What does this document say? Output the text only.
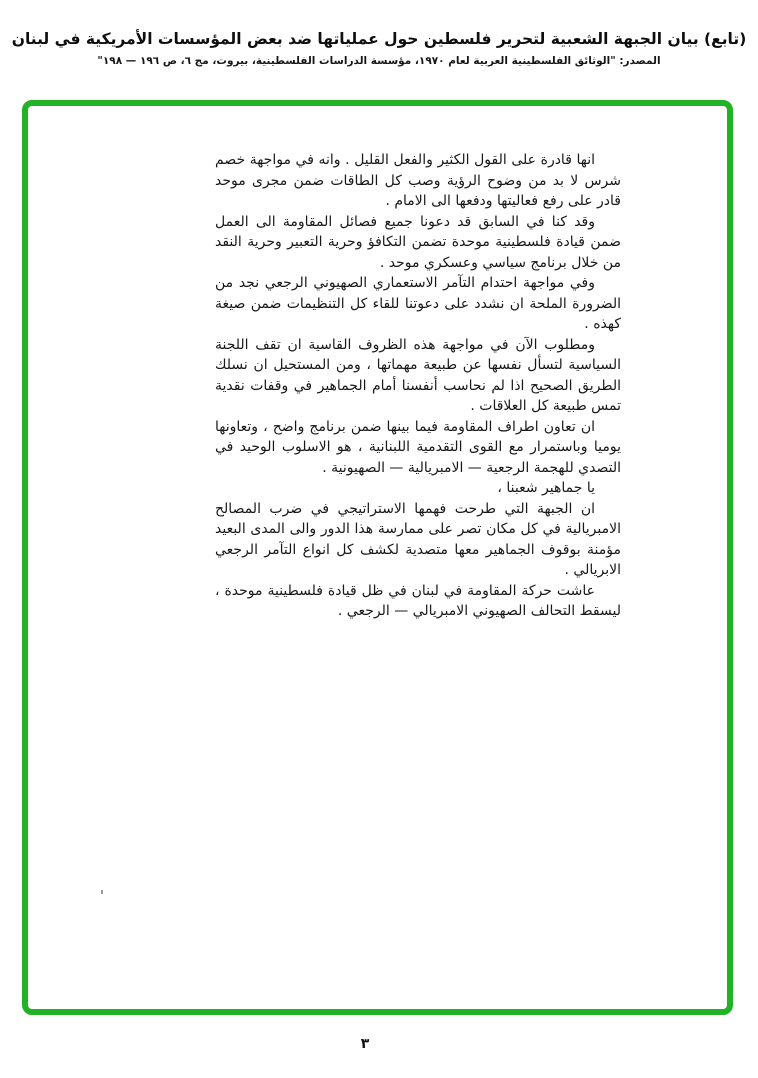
(تابع) بيان الجبهة الشعبية لتحرير فلسطين حول عملياتها ضد بعض المؤسسات الأمريكية في لبنان
المصدر: "الوثائق الفلسطينية العربية لعام ١٩٧٠، مؤسسة الدراسات الفلسطينية، بيروت، مج ٦، ص ١٩٦ — ١٩٨"

انها قادرة على القول الكثير والفعل القليل . وانه في مواجهة خصم شرس لا بد من وضوح الرؤية وصب كل الطاقات ضمن مجرى موحد قادر على رفع فعاليتها ودفعها الى الامام .

وقد كنا في السابق قد دعونا جميع فصائل المقاومة الى العمل ضمن قيادة فلسطينية موحدة تضمن التكافؤ وحرية التعبير وحرية النقد من خلال برنامج سياسي وعسكري موحد .

وفي مواجهة احتدام التآمر الاستعماري الصهيوني الرجعي نجد من الضرورة الملحة ان نشدد على دعوتنا للقاء كل التنظيمات ضمن صيغة كهذه .

ومطلوب الآن في مواجهة هذه الظروف القاسية ان تقف اللجنة السياسية لتسأل نفسها عن طبيعة مهماتها ، ومن المستحيل ان نسلك الطريق الصحيح اذا لم نحاسب أنفسنا أمام الجماهير في وقفات نقدية تمس طبيعة كل العلاقات .

ان تعاون اطراف المقاومة فيما بينها ضمن برنامج واضح ، وتعاونها يوميا وباستمرار مع القوى التقدمية اللبنانية ، هو الاسلوب الوحيد في التصدي للهجمة الرجعية — الامبريالية — الصهيونية .

يا جماهير شعبنا ،

ان الجبهة التي طرحت فهمها الاستراتيجي في ضرب المصالح الامبريالية في كل مكان تصر على ممارسة هذا الدور والى المدى البعيد مؤمنة بوقوف الجماهير معها متصدية لكشف كل انواع التآمر الرجعي الابريالي .

عاشت حركة المقاومة في لبنان في ظل قيادة فلسطينية موحدة ، ليسقط التحالف الصهيوني الامبريالي — الرجعي .

٣
